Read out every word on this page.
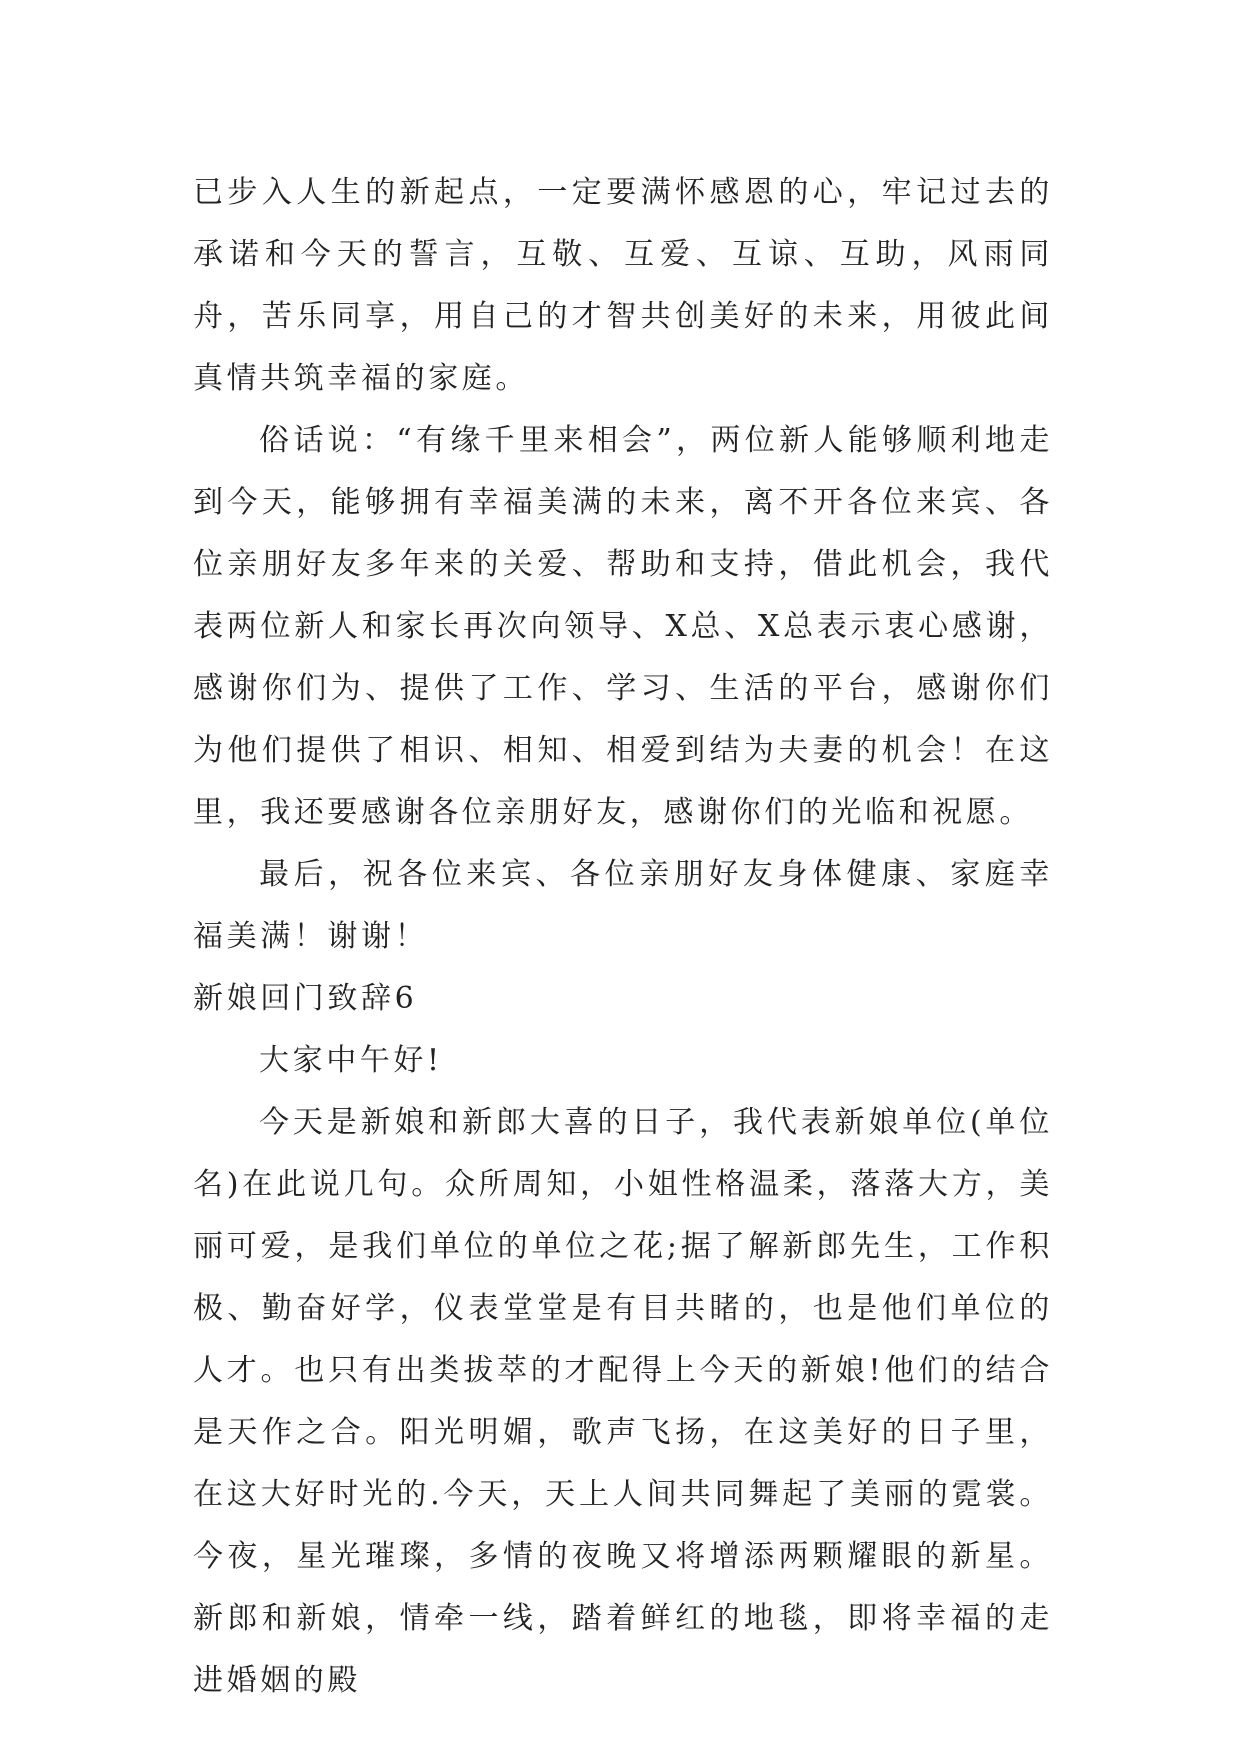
已步入人生的新起点，一定要满怀感恩的心，牢记过去的承诺和今天的誓言，互敬、互爱、互谅、互助，风雨同舟，苦乐同享，用自己的才智共创美好的未来，用彼此间真情共筑幸福的家庭。

俗话说：“有缘千里来相会”，两位新人能够顺利地走到今天，能够拥有幸福美满的未来，离不开各位来宾、各位亲朋好友多年来的关爱、帮助和支持，借此机会，我代表两位新人和家长再次向领导、X总、X总表示衷心感谢，感谢你们为、提供了工作、学习、生活的平台，感谢你们为他们提供了相识、相知、相爱到结为夫妻的机会！在这里，我还要感谢各位亲朋好友，感谢你们的光临和祝愿。

最后，祝各位来宾、各位亲朋好友身体健康、家庭幸福美满！谢谢！

新娘回门致辞6

大家中午好!

今天是新娘和新郎大喜的日子，我代表新娘单位(单位名)在此说几句。众所周知，小姐性格温柔，落落大方，美丽可爱，是我们单位的单位之花;据了解新郎先生，工作积极、勤奋好学，仪表堂堂是有目共睹的，也是他们单位的人才。也只有出类拔萃的才配得上今天的新娘!他们的结合是天作之合。阳光明媚，歌声飞扬，在这美好的日子里，在这大好时光的.今天，天上人间共同舞起了美丽的霓裳。今夜，星光璀璨，多情的夜晚又将增添两颗耀眼的新星。新郎和新娘，情牵一线，踏着鲜红的地毯，即将幸福的走进婚姻的殿
